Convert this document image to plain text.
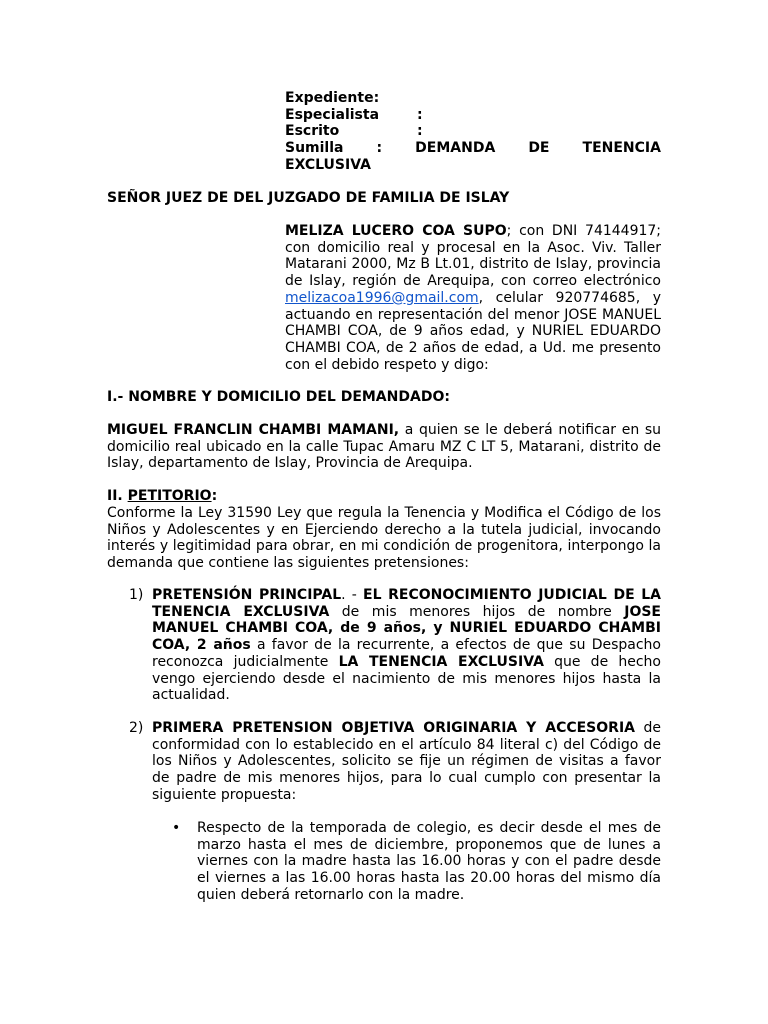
Expediente:
Especialista	:
Escrito	:
Sumilla : DEMANDA DE TENENCIA
EXCLUSIVA

SEÑOR JUEZ DE DEL JUZGADO DE FAMILIA DE ISLAY

MELIZA LUCERO COA SUPO; con DNI 74144917; con domicilio real y procesal en la Asoc. Viv. Taller Matarani 2000, Mz B Lt.01, distrito de Islay, provincia de Islay, región de Arequipa, con correo electrónico melizacoa1996@gmail.com, celular 920774685, y actuando en representación del menor JOSE MANUEL CHAMBI COA, de 9 años edad, y NURIEL EDUARDO CHAMBI COA, de 2 años de edad, a Ud. me presento con el debido respeto y digo:

I.- NOMBRE Y DOMICILIO DEL DEMANDADO:

MIGUEL FRANCLIN CHAMBI MAMANI, a quien se le deberá notificar en su domicilio real ubicado en la calle Tupac Amaru MZ C LT 5, Matarani, distrito de Islay, departamento de Islay, Provincia de Arequipa.

II. PETITORIO:

Conforme la Ley 31590 Ley que regula la Tenencia y Modifica el Código de los Niños y Adolescentes y en Ejerciendo derecho a la tutela judicial, invocando interés y legitimidad para obrar, en mi condición de progenitora, interpongo la demanda que contiene las siguientes pretensiones:

1) PRETENSIÓN PRINCIPAL. - EL RECONOCIMIENTO JUDICIAL DE LA TENENCIA EXCLUSIVA de mis menores hijos de nombre JOSE MANUEL CHAMBI COA, de 9 años, y NURIEL EDUARDO CHAMBI COA, 2 años a favor de la recurrente, a efectos de que su Despacho reconozca judicialmente LA TENENCIA EXCLUSIVA que de hecho vengo ejerciendo desde el nacimiento de mis menores hijos hasta la actualidad.

2) PRIMERA PRETENSION OBJETIVA ORIGINARIA Y ACCESORIA de conformidad con lo establecido en el artículo 84 literal c) del Código de los Niños y Adolescentes, solicito se fije un régimen de visitas a favor de padre de mis menores hijos, para lo cual cumplo con presentar la siguiente propuesta:

•	Respecto de la temporada de colegio, es decir desde el mes de marzo hasta el mes de diciembre, proponemos que de lunes a viernes con la madre hasta las 16.00 horas y con el padre desde el viernes a las 16.00 horas hasta las 20.00 horas del mismo día quien deberá retornarlo con la madre.
